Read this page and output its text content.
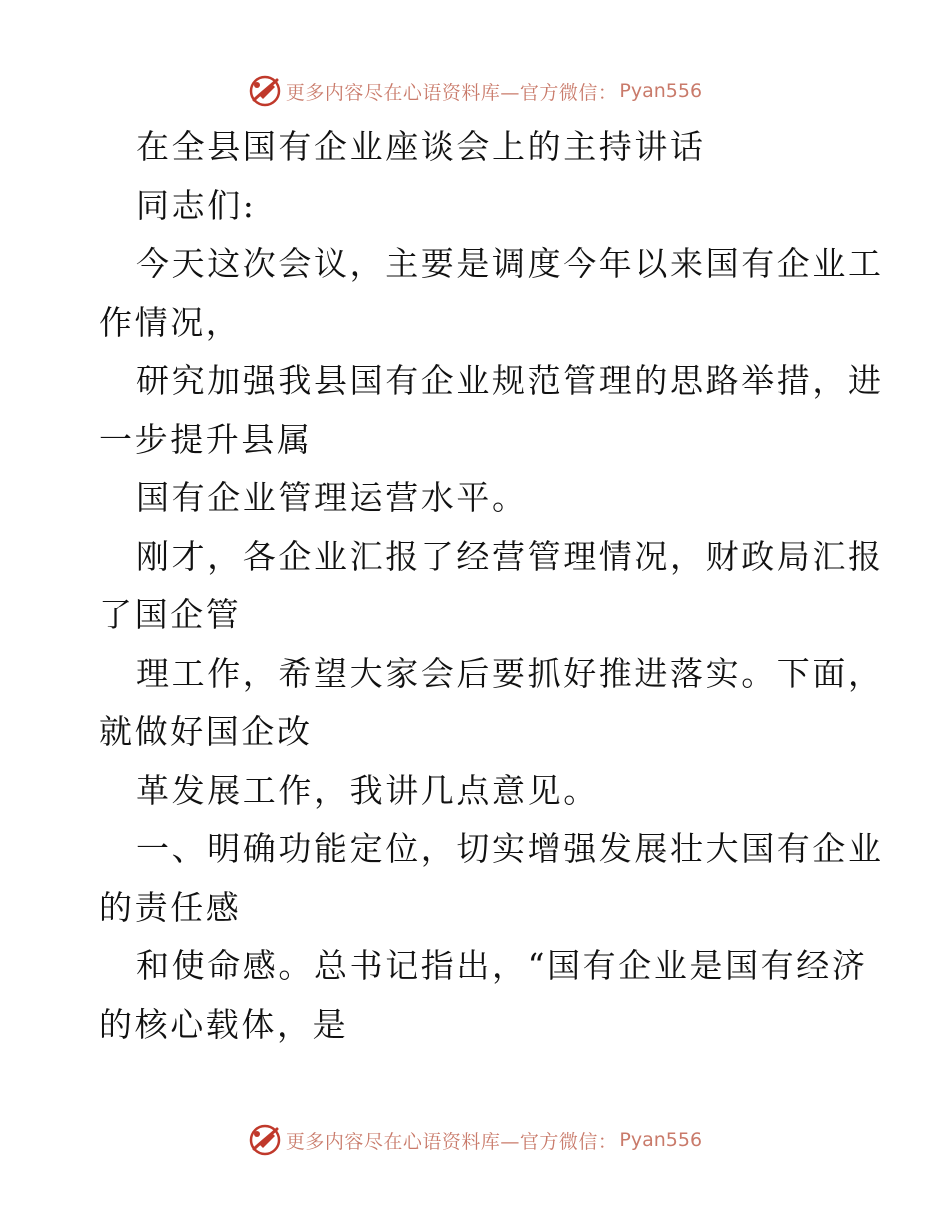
更多内容尽在心语资料库—官方微信： Pyan556
在全县国有企业座谈会上的主持讲话
同志们:
今天这次会议，主要是调度今年以来国有企业工
作情况，
研究加强我县国有企业规范管理的思路举措，进
一步提升县属
国有企业管理运营水平。
刚才，各企业汇报了经营管理情况，财政局汇报
了国企管
理工作，希望大家会后要抓好推进落实。下面，
就做好国企改
革发展工作，我讲几点意见。
一、明确功能定位，切实增强发展壮大国有企业
的责任感
和使命感。总书记指出，“国有企业是国有经济
的核心载体，是
更多内容尽在心语资料库—官方微信： Pyan556
